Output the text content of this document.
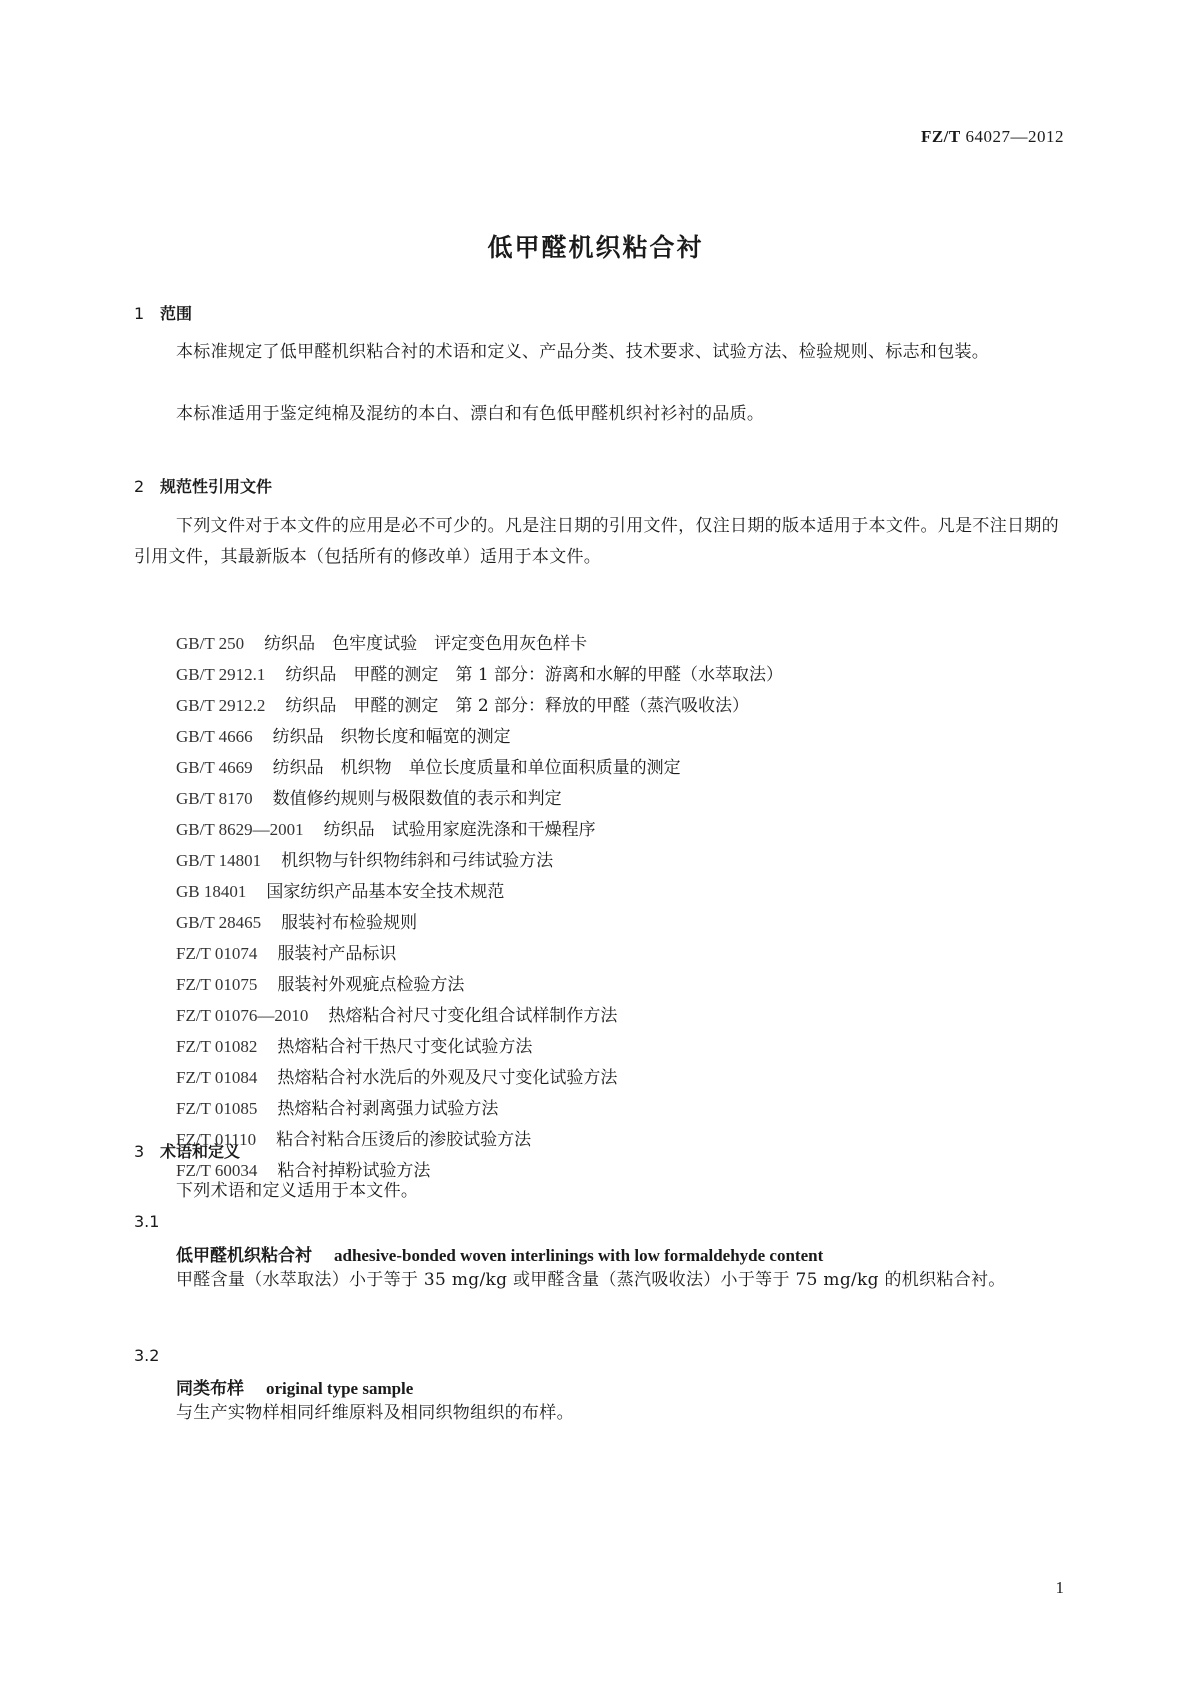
FZ/T 64027—2012
低甲醛机织粘合衬
1 范围

本标准规定了低甲醛机织粘合衬的术语和定义、产品分类、技术要求、试验方法、检验规则、标志和包装。

本标准适用于鉴定纯棉及混纺的本白、漂白和有色低甲醛机织衬衫衬的品质。

2 规范性引用文件

下列文件对于本文件的应用是必不可少的。凡是注日期的引用文件，仅注日期的版本适用于本文件。凡是不注日期的引用文件，其最新版本（包括所有的修改单）适用于本文件。

GB/T 250 纺织品　色牢度试验　评定变色用灰色样卡
GB/T 2912.1 纺织品　甲醛的测定　第 1 部分：游离和水解的甲醛（水萃取法）
GB/T 2912.2 纺织品　甲醛的测定　第 2 部分：释放的甲醛（蒸汽吸收法）
GB/T 4666 纺织品　织物长度和幅宽的测定
GB/T 4669 纺织品　机织物　单位长度质量和单位面积质量的测定
GB/T 8170 数值修约规则与极限数值的表示和判定
GB/T 8629—2001 纺织品　试验用家庭洗涤和干燥程序
GB/T 14801 机织物与针织物纬斜和弓纬试验方法
GB 18401 国家纺织产品基本安全技术规范
GB/T 28465 服装衬布检验规则
FZ/T 01074 服装衬产品标识
FZ/T 01075 服装衬外观疵点检验方法
FZ/T 01076—2010 热熔粘合衬尺寸变化组合试样制作方法
FZ/T 01082 热熔粘合衬干热尺寸变化试验方法
FZ/T 01084 热熔粘合衬水洗后的外观及尺寸变化试验方法
FZ/T 01085 热熔粘合衬剥离强力试验方法
FZ/T 01110 粘合衬粘合压烫后的渗胶试验方法
FZ/T 60034 粘合衬掉粉试验方法
3 术语和定义

下列术语和定义适用于本文件。

3.1
低甲醛机织粘合衬 adhesive-bonded woven interlinings with low formaldehyde content

甲醛含量（水萃取法）小于等于 35 mg/kg 或甲醛含量（蒸汽吸收法）小于等于 75 mg/kg 的机织粘合衬。

3.2
同类布样 original type sample

与生产实物样相同纤维原料及相同织物组织的布样。

1
